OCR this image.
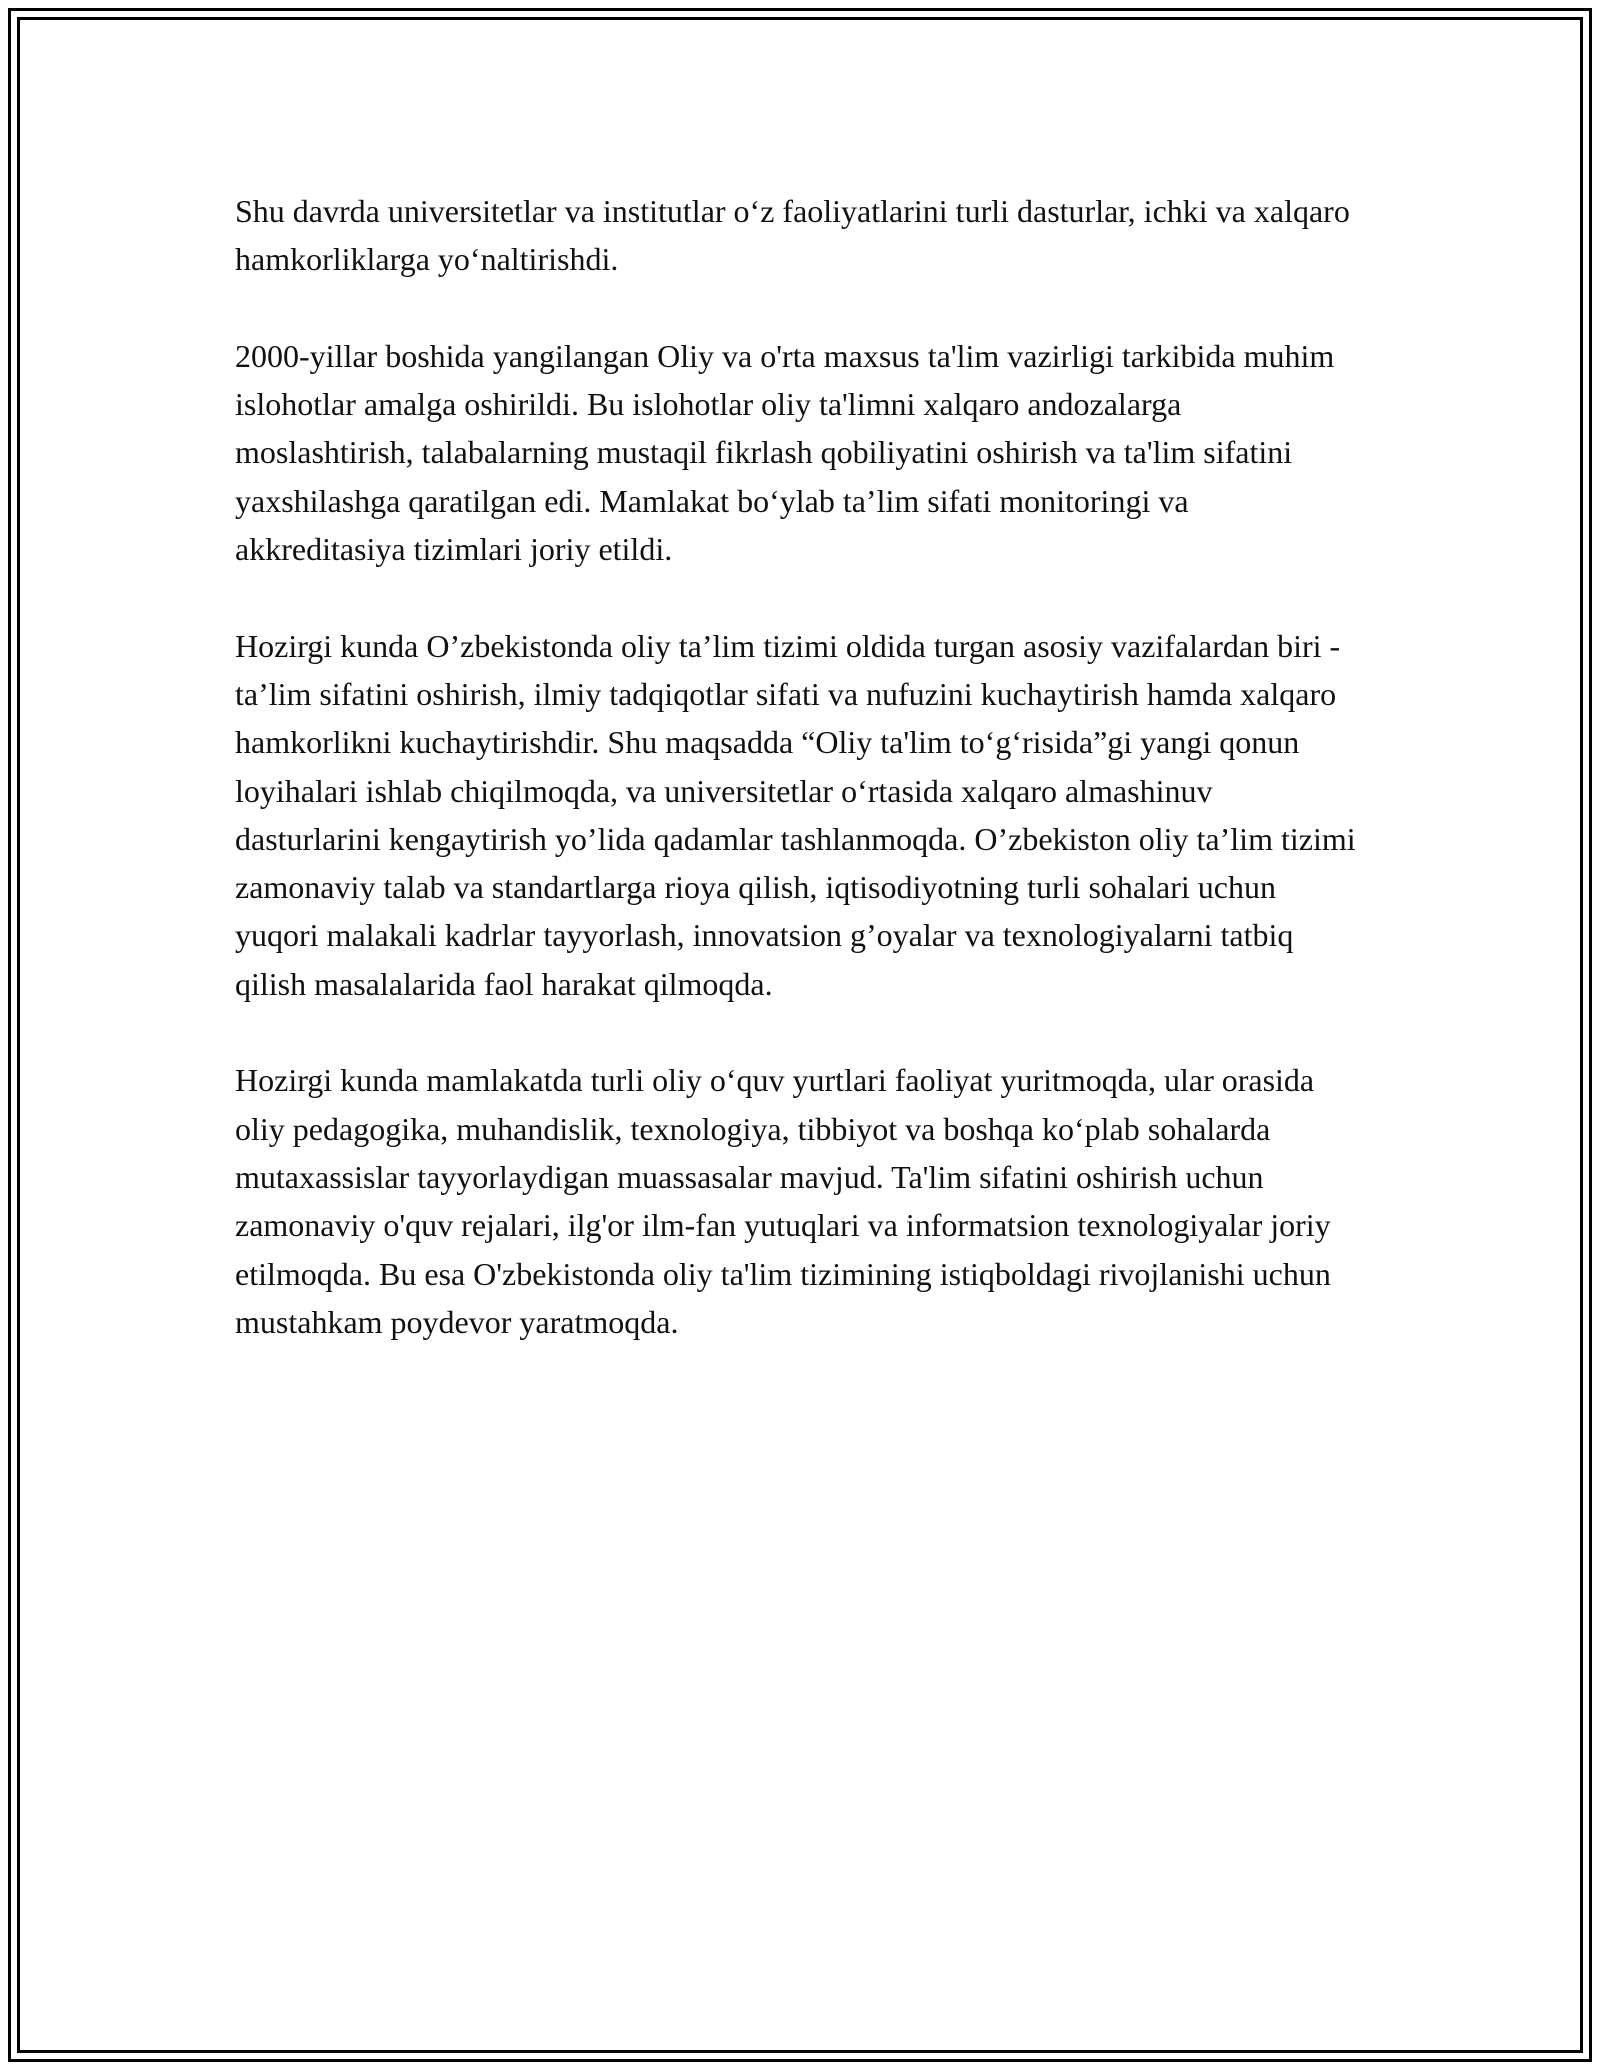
Shu davrda universitetlar va institutlar o‘z faoliyatlarini turli dasturlar, ichki va xalqaro hamkorliklarga yo‘naltirishdi.

2000-yillar boshida yangilangan Oliy va o'rta maxsus ta'lim vazirligi tarkibida muhim islohotlar amalga oshirildi. Bu islohotlar oliy ta'limni xalqaro andozalarga moslashtirish, talabalarning mustaqil fikrlash qobiliyatini oshirish va ta'lim sifatini yaxshilashga qaratilgan edi. Mamlakat bo‘ylab ta’lim sifati monitoringi va akkreditasiya tizimlari joriy etildi.

Hozirgi kunda O’zbekistonda oliy ta’lim tizimi oldida turgan asosiy vazifalardan biri - ta’lim sifatini oshirish, ilmiy tadqiqotlar sifati va nufuzini kuchaytirish hamda xalqaro hamkorlikni kuchaytirishdir. Shu maqsadda “Oliy ta'lim to‘g‘risida”gi yangi qonun loyihalari ishlab chiqilmoqda, va universitetlar o‘rtasida xalqaro almashinuv dasturlarini kengaytirish yo’lida qadamlar tashlanmoqda. O’zbekiston oliy ta’lim tizimi zamonaviy talab va standartlarga rioya qilish, iqtisodiyotning turli sohalari uchun yuqori malakali kadrlar tayyorlash, innovatsion g’oyalar va texnologiyalarni tatbiq qilish masalalarida faol harakat qilmoqda.

Hozirgi kunda mamlakatda turli oliy o‘quv yurtlari faoliyat yuritmoqda, ular orasida oliy pedagogika, muhandislik, texnologiya, tibbiyot va boshqa ko‘plab sohalarda mutaxassislar tayyorlaydigan muassasalar mavjud. Ta'lim sifatini oshirish uchun zamonaviy o'quv rejalari, ilg'or ilm-fan yutuqlari va informatsion texnologiyalar joriy etilmoqda. Bu esa O'zbekistonda oliy ta'lim tizimining istiqboldagi rivojlanishi uchun mustahkam poydevor yaratmoqda.
